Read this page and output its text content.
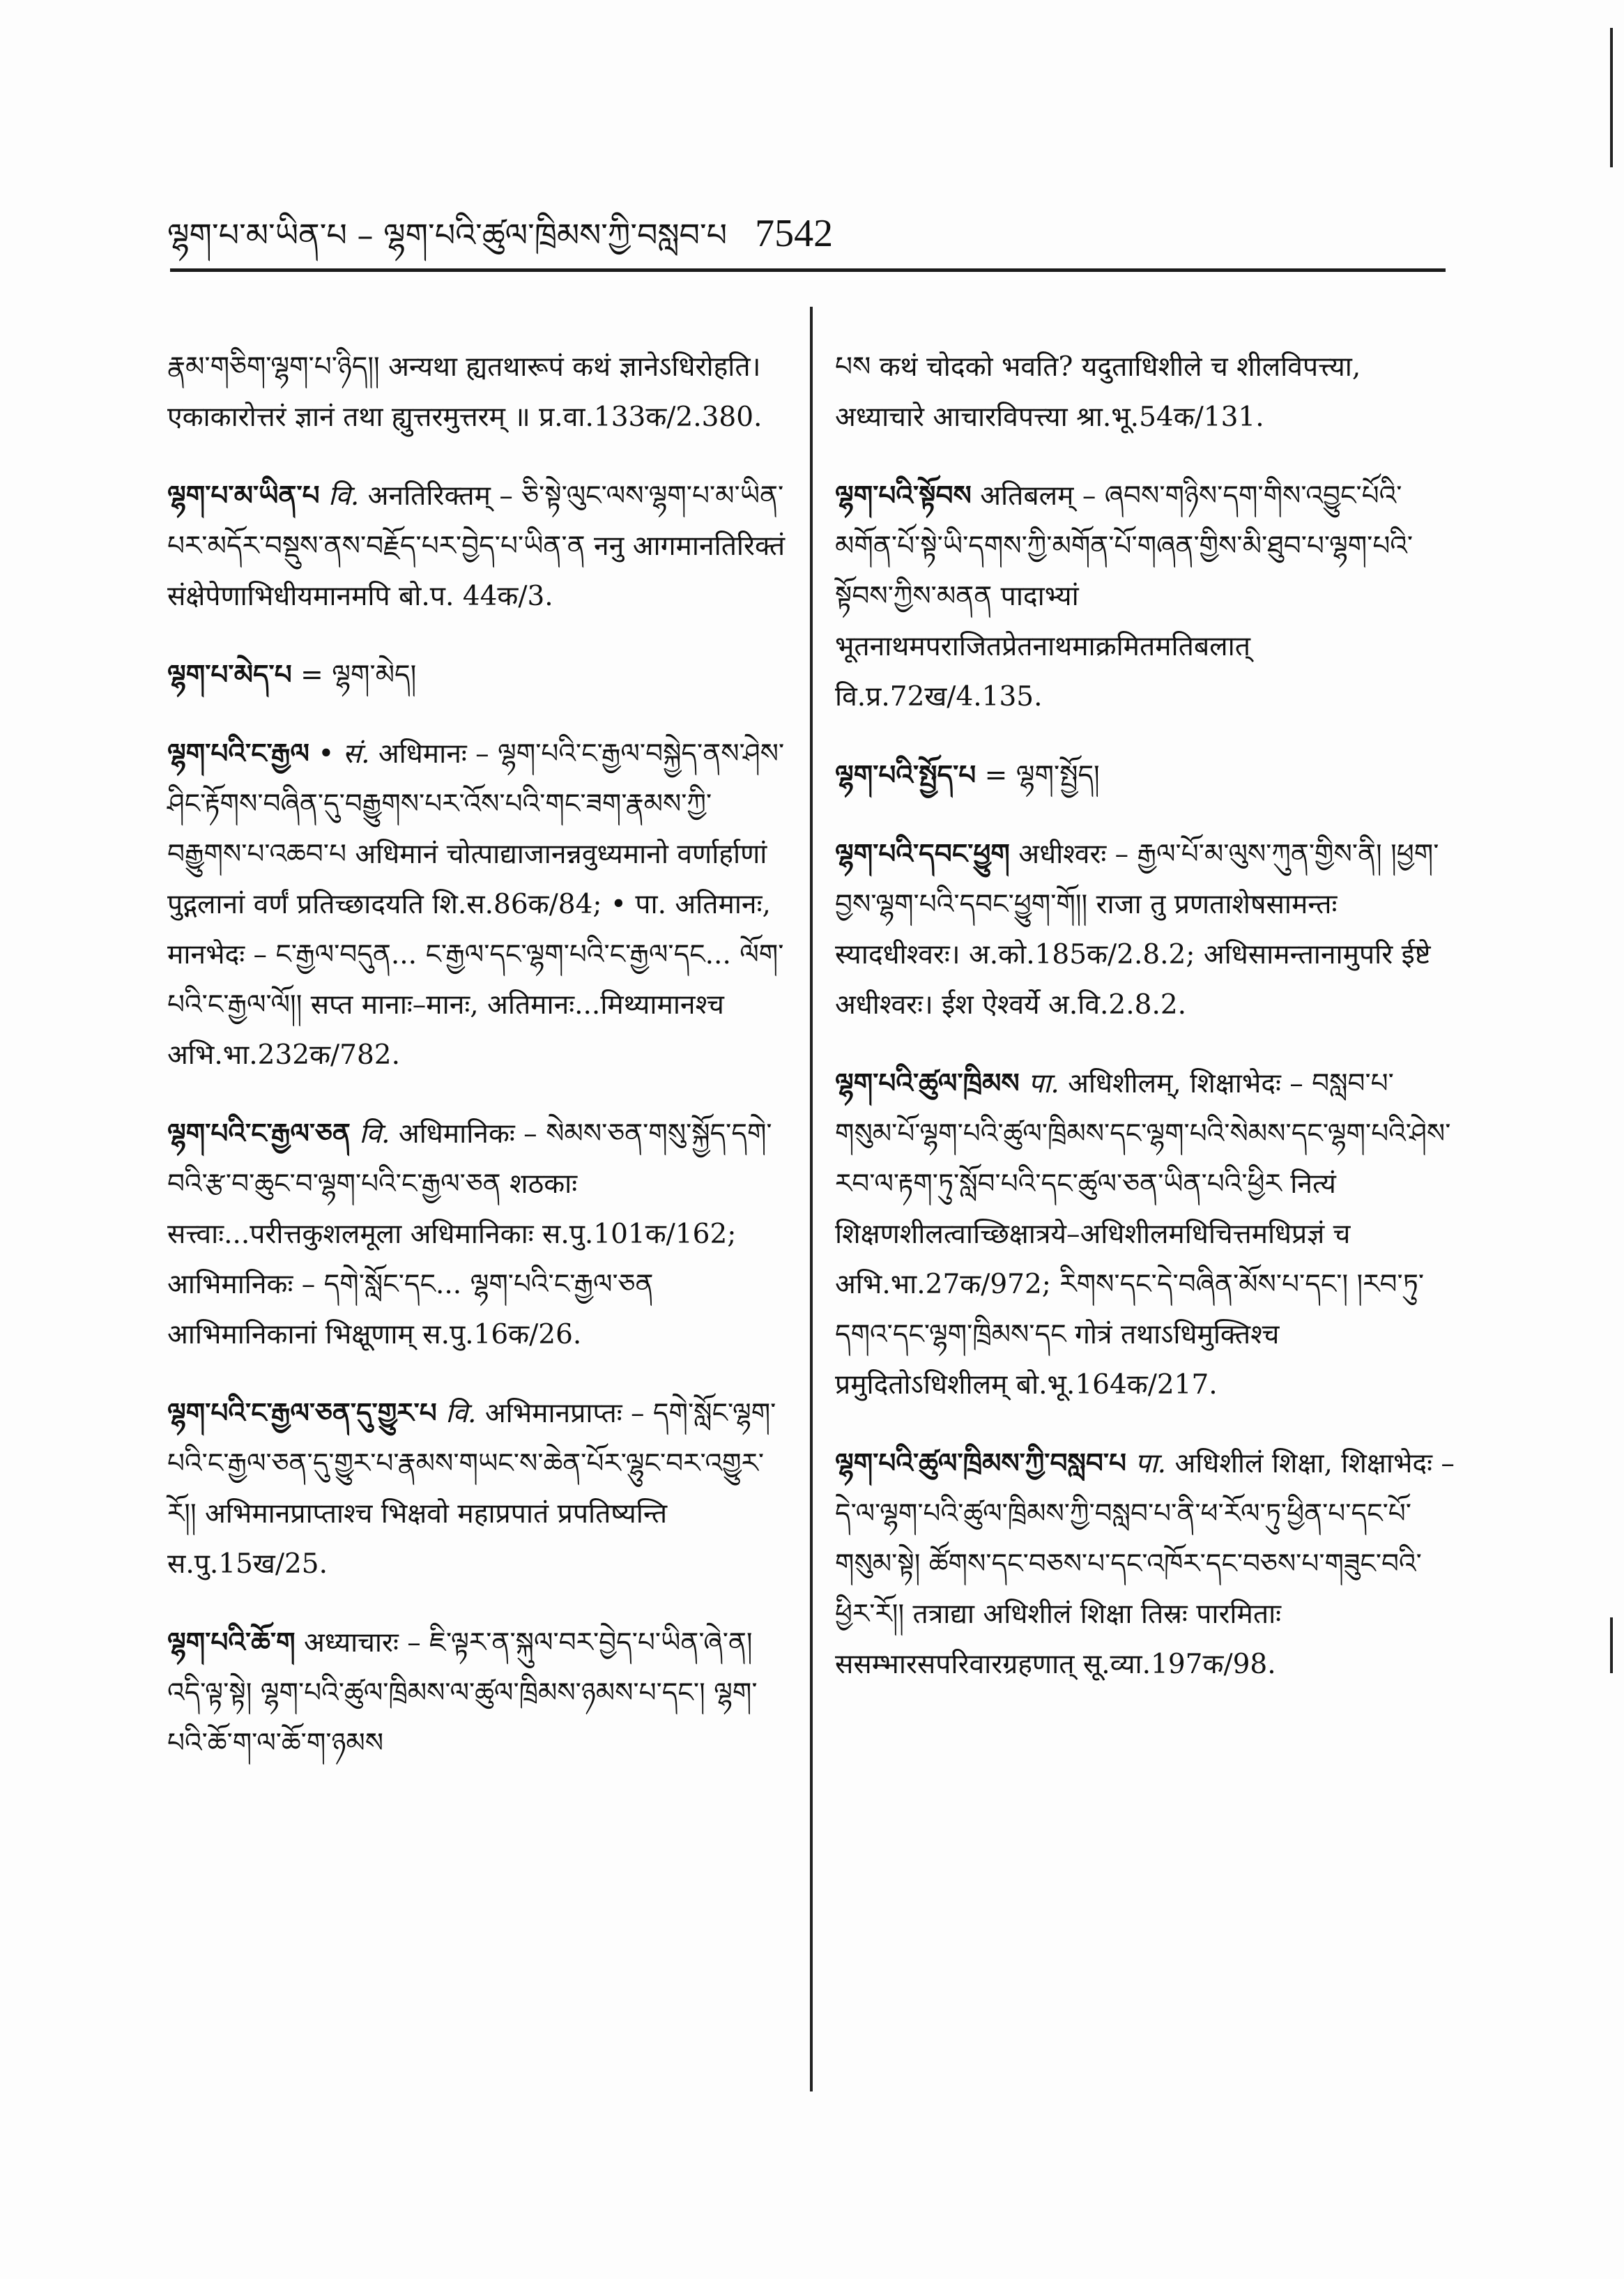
ལྷག་པ་མ་ཡིན་པ – ལྷག་པའི་ཚུལ་ཁྲིམས་ཀྱི་བསླབ་པ 7542
རྣམ་གཅིག་ལྷག་པ་ཉིད།། अन्यथा ह्यतथारूपं कथं ज्ञानेऽधिरोहति। एकाकारोत्तरं ज्ञानं तथा ह्युत्तरमुत्तरम् ॥ प्र.वा.133क/2.380.
ལྷག་པ་མ་ཡིན་པ वि. अनतिरिक्तम् – ཅི་སྟེ་ལུང་ལས་ལྷག་པ་མ་ཡིན་པར་མདོར་བསྡུས་ནས་བརྗོད་པར་བྱེད་པ་ཡིན་ན ननु आगमानतिरिक्तं संक्षेपेणाभिधीयमानमपि बो.प. 44क/3.
ལྷག་པ་མེད་པ = ལྷག་མེད།
ལྷག་པའི་ང་རྒྱལ • सं. अधिमानः – ལྷག་པའི་ང་རྒྱལ་བསྐྱེད་ནས་ཤེས་ཤིང་རྟོགས་བཞིན་དུ་བརྒྱུགས་པར་འོས་པའི་གང་ཟག་རྣམས་ཀྱི་བརྒྱུགས་པ་འཆབ་པ अधिमानं चोत्पाद्याजानन्नवुध्यमानो वर्णार्हाणां पुद्गलानां वर्णं प्रतिच्छादयति शि.स.86क/84; • पा. अतिमानः, मानभेदः – ང་རྒྱལ་བདུན... ང་རྒྱལ་དང་ལྷག་པའི་ང་རྒྱལ་དང... ལོག་པའི་ང་རྒྱལ་ལོ།། सप्त मानाः–मानः, अतिमानः...मिथ्यामानश्च अभि.भा.232क/782.
ལྷག་པའི་ང་རྒྱལ་ཅན वि. अधिमानिकः – སེམས་ཅན་གསུ་སྐྱོད་དགེ་བའི་རྩ་བ་ཆུང་བ་ལྷག་པའི་ང་རྒྱལ་ཅན शठकाः सत्त्वाः...परीत्तकुशलमूला अधिमानिकाः स.पु.101क/162; आभिमानिकः – དགེ་སློང་དང... ལྷག་པའི་ང་རྒྱལ་ཅན आभिमानिकानां भिक्षूणाम् स.पु.16क/26.
ལྷག་པའི་ང་རྒྱལ་ཅན་དུ་གྱུར་པ वि. अभिमानप्राप्तः – དགེ་སློང་ལྷག་པའི་ང་རྒྱལ་ཅན་དུ་གྱུར་པ་རྣམས་གཡང་ས་ཆེན་པོར་ལྷུང་བར་འགྱུར་རོ།། अभिमानप्राप्ताश्च भिक्षवो महाप्रपातं प्रपतिष्यन्ति स.पु.15ख/25.
ལྷག་པའི་ཆོ་ག अध्याचारः – ཇི་ལྟར་ན་སྐུལ་བར་བྱེད་པ་ཡིན་ཞེ་ན། འདི་ལྟ་སྟེ། ལྷག་པའི་ཚུལ་ཁྲིམས་ལ་ཚུལ་ཁྲིམས་ཉམས་པ་དང་། ལྷག་པའི་ཆོ་ག་ལ་ཆོ་ག་ཉམས
པས कथं चोदको भवति? यदुताधिशीले च शीलविपत्त्या, अध्याचारे आचारविपत्त्या श्रा.भू.54क/131.
ལྷག་པའི་སྟོབས अतिबलम् – ཞབས་གཉིས་དག་གིས་འབྱུང་པོའི་མགོན་པོ་སྟེ་ཡི་དགས་ཀྱི་མགོན་པོ་གཞན་གྱིས་མི་ཐུབ་པ་ལྷག་པའི་སྟོབས་ཀྱིས་མནན पादाभ्यां भूतनाथमपराजितप्रेतनाथमाक्रमितमतिबलात् वि.प्र.72ख/4.135.
ལྷག་པའི་སྤྱོད་པ = ལྷག་སྤྱོད།
ལྷག་པའི་དབང་ཕྱུག अधीश्वरः – རྒྱལ་པོ་མ་ལུས་ཀུན་གྱིས་ནི། །ཕྱག་བྱས་ལྷག་པའི་དབང་ཕྱུག་གོ།། राजा तु प्रणताशेषसामन्तः स्यादधीश्वरः। अ.को.185क/2.8.2; अधिसामन्तानामुपरि ईष्टे अधीश्वरः। ईश ऐश्वर्ये अ.वि.2.8.2.
ལྷག་པའི་ཚུལ་ཁྲིམས पा. अधिशीलम्, शिक्षाभेदः – བསླབ་པ་གསུམ་པོ་ལྷག་པའི་ཚུལ་ཁྲིམས་དང་ལྷག་པའི་སེམས་དང་ལྷག་པའི་ཤེས་རབ་ལ་རྟག་ཏུ་སློབ་པའི་དང་ཚུལ་ཅན་ཡིན་པའི་ཕྱིར नित्यं शिक्षणशीलत्वाच्छिक्षात्रये–अधिशीलमधिचित्तमधिप्रज्ञं च अभि.भा.27क/972; རིགས་དང་དེ་བཞིན་མོས་པ་དང་། །རབ་ཏུ་དགའ་དང་ལྷག་ཁྲིམས་དང गोत्रं तथाऽधिमुक्तिश्च प्रमुदितोऽधिशीलम् बो.भू.164क/217.
ལྷག་པའི་ཚུལ་ཁྲིམས་ཀྱི་བསླབ་པ पा. अधिशीलं शिक्षा, शिक्षाभेदः – དེ་ལ་ལྷག་པའི་ཚུལ་ཁྲིམས་ཀྱི་བསླབ་པ་ནི་ཕ་རོལ་ཏུ་ཕྱིན་པ་དང་པོ་གསུམ་སྟེ། ཚོགས་དང་བཅས་པ་དང་འཁོར་དང་བཅས་པ་གཟུང་བའི་ཕྱིར་རོ།། तत्राद्या अधिशीलं शिक्षा तिस्रः पारमिताः ससम्भारसपरिवारग्रहणात् सू.व्या.197क/98.
